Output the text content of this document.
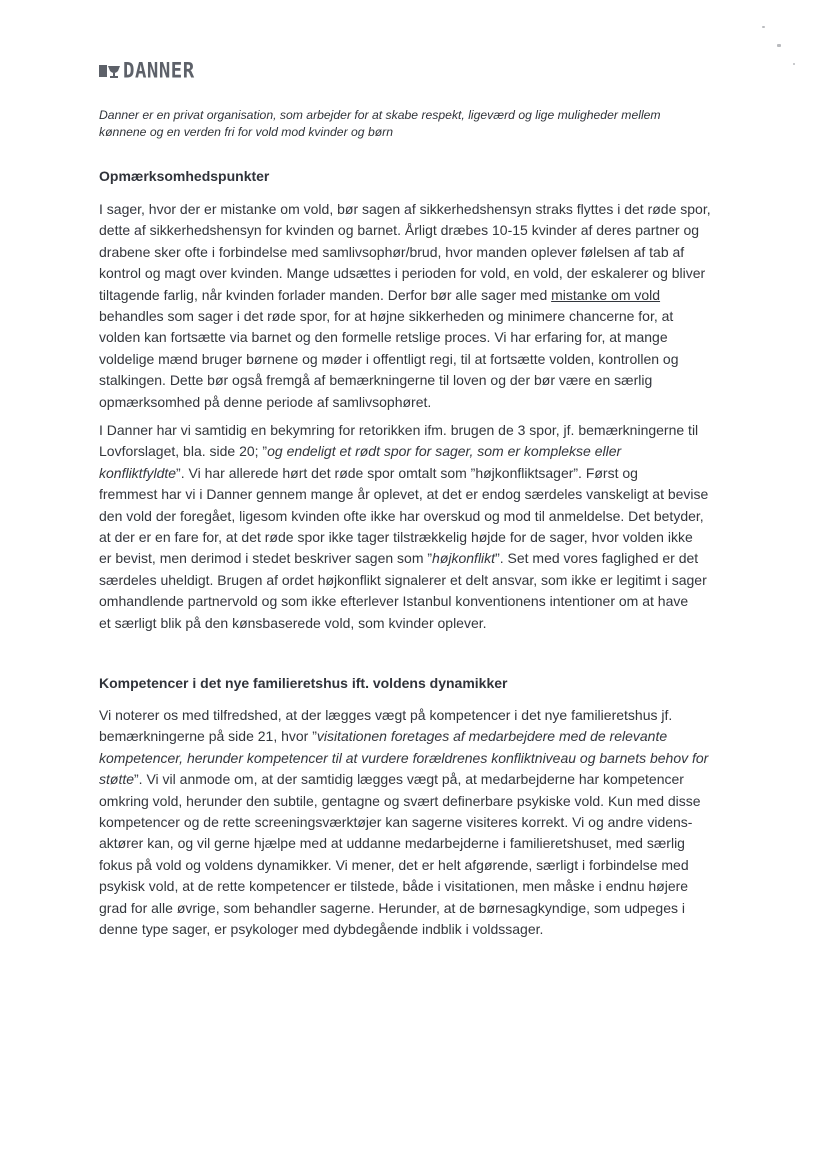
DANNER

Danner er en privat organisation, som arbejder for at skabe respekt, ligeværd og lige muligheder mellem
kønnene og en verden fri for vold mod kvinder og børn

Opmærksomhedspunkter

I sager, hvor der er mistanke om vold, bør sagen af sikkerhedshensyn straks flyttes i det røde spor,
dette af sikkerhedshensyn for kvinden og barnet. Årligt dræbes 10-15 kvinder af deres partner og
drabene sker ofte i forbindelse med samlivsophør/brud, hvor manden oplever følelsen af tab af
kontrol og magt over kvinden. Mange udsættes i perioden for vold, en vold, der eskalerer og bliver
tiltagende farlig, når kvinden forlader manden. Derfor bør alle sager med mistanke om vold
behandles som sager i det røde spor, for at højne sikkerheden og minimere chancerne for, at
volden kan fortsætte via barnet og den formelle retslige proces. Vi har erfaring for, at mange
voldelige mænd bruger børnene og møder i offentligt regi, til at fortsætte volden, kontrollen og
stalkingen. Dette bør også fremgå af bemærkningerne til loven og der bør være en særlig
opmærksomhed på denne periode af samlivsophøret.

I Danner har vi samtidig en bekymring for retorikken ifm. brugen de 3 spor, jf. bemærkningerne til
Lovforslaget, bla. side 20; ”og endeligt et rødt spor for sager, som er komplekse eller
konfliktfyldte”. Vi har allerede hørt det røde spor omtalt som ”højkonfliktsager”. Først og
fremmest har vi i Danner gennem mange år oplevet, at det er endog særdeles vanskeligt at bevise
den vold der foregået, ligesom kvinden ofte ikke har overskud og mod til anmeldelse. Det betyder,
at der er en fare for, at det røde spor ikke tager tilstrækkelig højde for de sager, hvor volden ikke
er bevist, men derimod i stedet beskriver sagen som ”højkonflikt”. Set med vores faglighed er det
særdeles uheldigt. Brugen af ordet højkonflikt signalerer et delt ansvar, som ikke er legitimt i sager
omhandlende partnervold og som ikke efterlever Istanbul konventionens intentioner om at have
et særligt blik på den kønsbaserede vold, som kvinder oplever.

Kompetencer i det nye familieretshus ift. voldens dynamikker

Vi noterer os med tilfredshed, at der lægges vægt på kompetencer i det nye familieretshus jf.
bemærkningerne på side 21, hvor ”visitationen foretages af medarbejdere med de relevante
kompetencer, herunder kompetencer til at vurdere forældrenes konfliktniveau og barnets behov for
støtte”. Vi vil anmode om, at der samtidig lægges vægt på, at medarbejderne har kompetencer
omkring vold, herunder den subtile, gentagne og svært definerbare psykiske vold. Kun med disse
kompetencer og de rette screeningsværktøjer kan sagerne visiteres korrekt. Vi og andre videns-
aktører kan, og vil gerne hjælpe med at uddanne medarbejderne i familieretshuset, med særlig
fokus på vold og voldens dynamikker. Vi mener, det er helt afgørende, særligt i forbindelse med
psykisk vold, at de rette kompetencer er tilstede, både i visitationen, men måske i endnu højere
grad for alle øvrige, som behandler sagerne. Herunder, at de børnesagkyndige, som udpeges i
denne type sager, er psykologer med dybdegående indblik i voldssager.
